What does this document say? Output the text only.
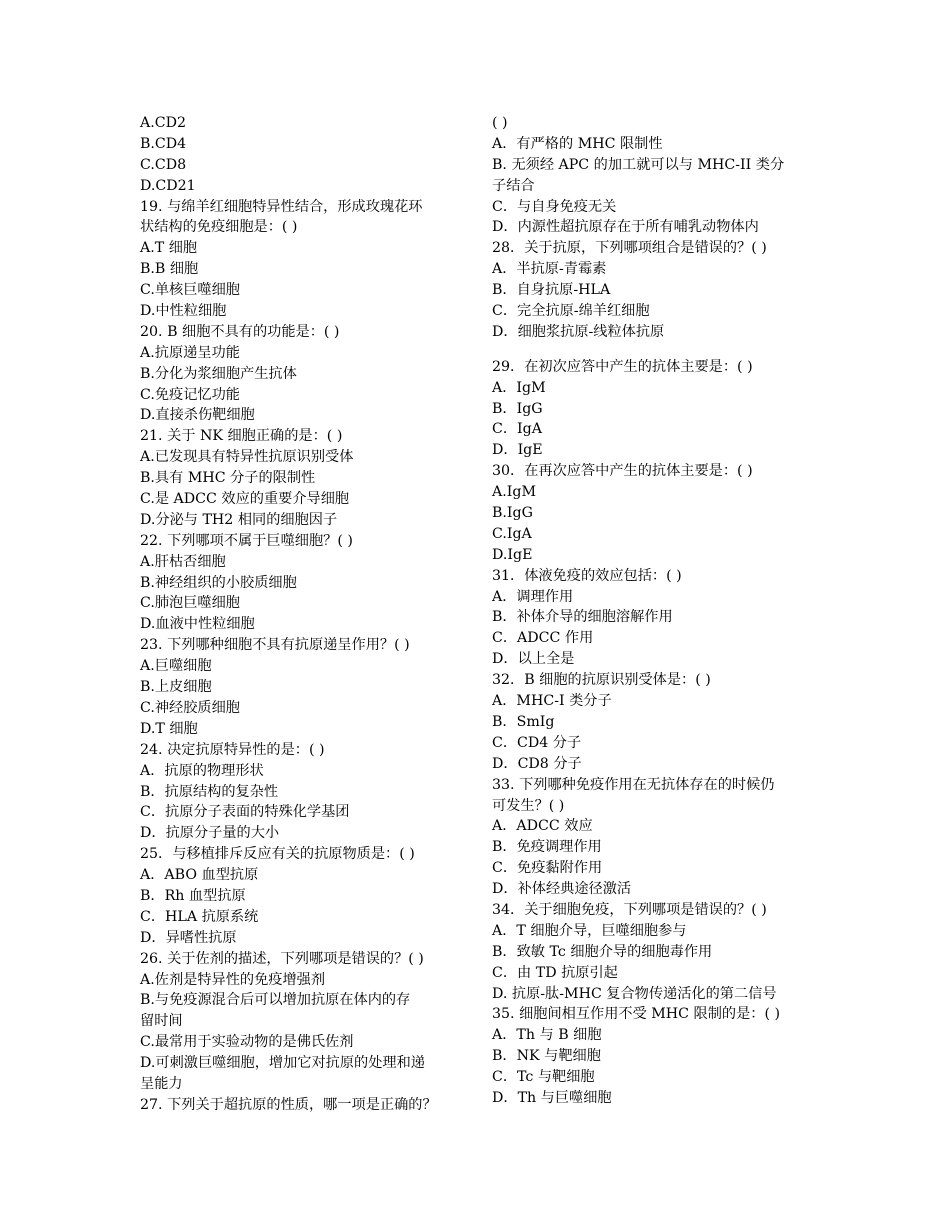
A.CD2
B.CD4
C.CD8
D.CD21
19. 与绵羊红细胞特异性结合，形成玫瑰花环
状结构的免疫细胞是：( )
A.T 细胞
B.B 细胞
C.单核巨噬细胞
D.中性粒细胞
20. B 细胞不具有的功能是：( )
A.抗原递呈功能
B.分化为浆细胞产生抗体
C.免疫记忆功能
D.直接杀伤靶细胞
21. 关于 NK 细胞正确的是：( )
A.已发现具有特异性抗原识别受体
B.具有 MHC 分子的限制性
C.是 ADCC 效应的重要介导细胞
D.分泌与 TH2 相同的细胞因子
22. 下列哪项不属于巨噬细胞？( )
A.肝枯否细胞
B.神经组织的小胶质细胞
C.肺泡巨噬细胞
D.血液中性粒细胞
23. 下列哪种细胞不具有抗原递呈作用？( )
A.巨噬细胞
B.上皮细胞
C.神经胶质细胞
D.T 细胞
24. 决定抗原特异性的是：( )
A．抗原的物理形状
B．抗原结构的复杂性
C．抗原分子表面的特殊化学基团
D．抗原分子量的大小
25．与移植排斥反应有关的抗原物质是：( )
A．ABO 血型抗原
B．Rh 血型抗原
C．HLA 抗原系统
D．异嗜性抗原
26. 关于佐剂的描述，下列哪项是错误的？( )
A.佐剂是特异性的免疫增强剂
B.与免疫源混合后可以增加抗原在体内的存
留时间
C.最常用于实验动物的是佛氏佐剂
D.可刺激巨噬细胞，增加它对抗原的处理和递
呈能力
27. 下列关于超抗原的性质，哪一项是正确的？
( )
A．有严格的 MHC 限制性
B. 无须经 APC 的加工就可以与 MHC-II 类分
子结合
C．与自身免疫无关
D．内源性超抗原存在于所有哺乳动物体内
28．关于抗原，下列哪项组合是错误的？( )
A．半抗原-青霉素
B．自身抗原-HLA
C．完全抗原-绵羊红细胞
D．细胞浆抗原-线粒体抗原
29．在初次应答中产生的抗体主要是：( )
A．IgM
B．IgG
C．IgA
D．IgE
30．在再次应答中产生的抗体主要是：( )
A.IgM
B.IgG
C.IgA
D.IgE
31．体液免疫的效应包括：( )
A．调理作用
B．补体介导的细胞溶解作用
C．ADCC 作用
D．以上全是
32．B 细胞的抗原识别受体是：( )
A．MHC-I 类分子
B．SmIg
C．CD4 分子
D．CD8 分子
33. 下列哪种免疫作用在无抗体存在的时候仍
可发生？( )
A．ADCC 效应
B．免疫调理作用
C．免疫黏附作用
D．补体经典途径激活
34．关于细胞免疫，下列哪项是错误的？( )
A．T 细胞介导，巨噬细胞参与
B．致敏 Tc 细胞介导的细胞毒作用
C．由 TD 抗原引起
D. 抗原-肽-MHC 复合物传递活化的第二信号
35. 细胞间相互作用不受 MHC 限制的是：( )
A．Th 与 B 细胞
B．NK 与靶细胞
C．Tc 与靶细胞
D．Th 与巨噬细胞
